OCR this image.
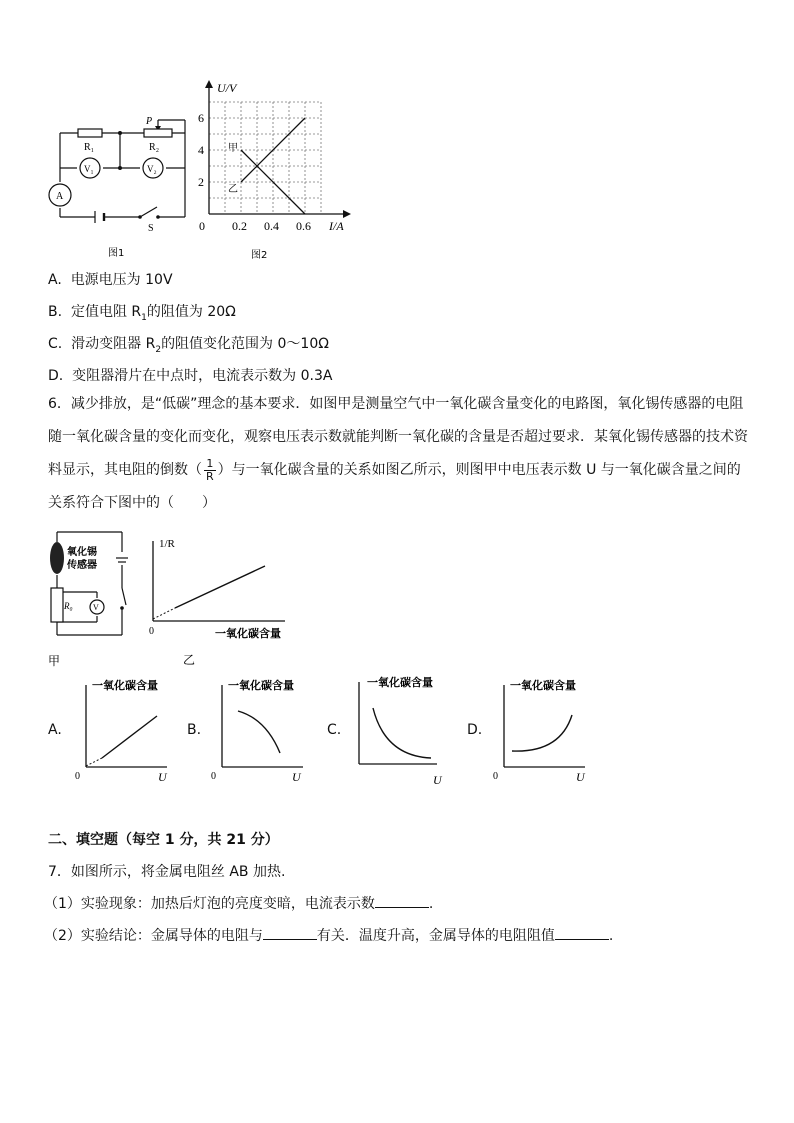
R₁	R₂
P
V₁	V₂
A
S
图1
U/V
I/A
0 0.2 0.4 0.6
2
4
6
甲
乙
图2
A. 电源电压为 10V
B. 定值电阻 $R_1$的阻值为 20Ω
C. 滑动变阻器 $R_2$的阻值变化范围为 0～10Ω
D. 变阻器滑片在中点时，电流表示数为 0.3A
6．减少排放，是“低碳”理念的基本要求．如图甲是测量空气中一氧化碳含量变化的电路图，氧化锡传感器的电阻随一氧化碳含量的变化而变化，观察电压表示数就能判断一氧化碳的含量是否超过要求．某氧化锡传感器的技术资料显示，其电阻的倒数（ $\frac{1}{R}$ ）与一氧化碳含量的关系如图乙所示，则图甲中电压表示数 U 与一氧化碳含量之间的关系符合下图中的（　　）
氧化锡
传感器
R₀	V
甲
1/R
0	一氧化碳含量
乙
A.
一氧化碳含量
0	U
B.
一氧化碳含量
0	U
C.
一氧化碳含量
U
D.
一氧化碳含量
0	U
二、填空题（每空 1 分，共 21 分）
7．如图所示，将金属电阻丝 AB 加热.
（1）实验现象：加热后灯泡的亮度变暗，电流表示数	.
（2）实验结论：金属导体的电阻与	有关．温度升高，金属导体的电阻阻值	.
